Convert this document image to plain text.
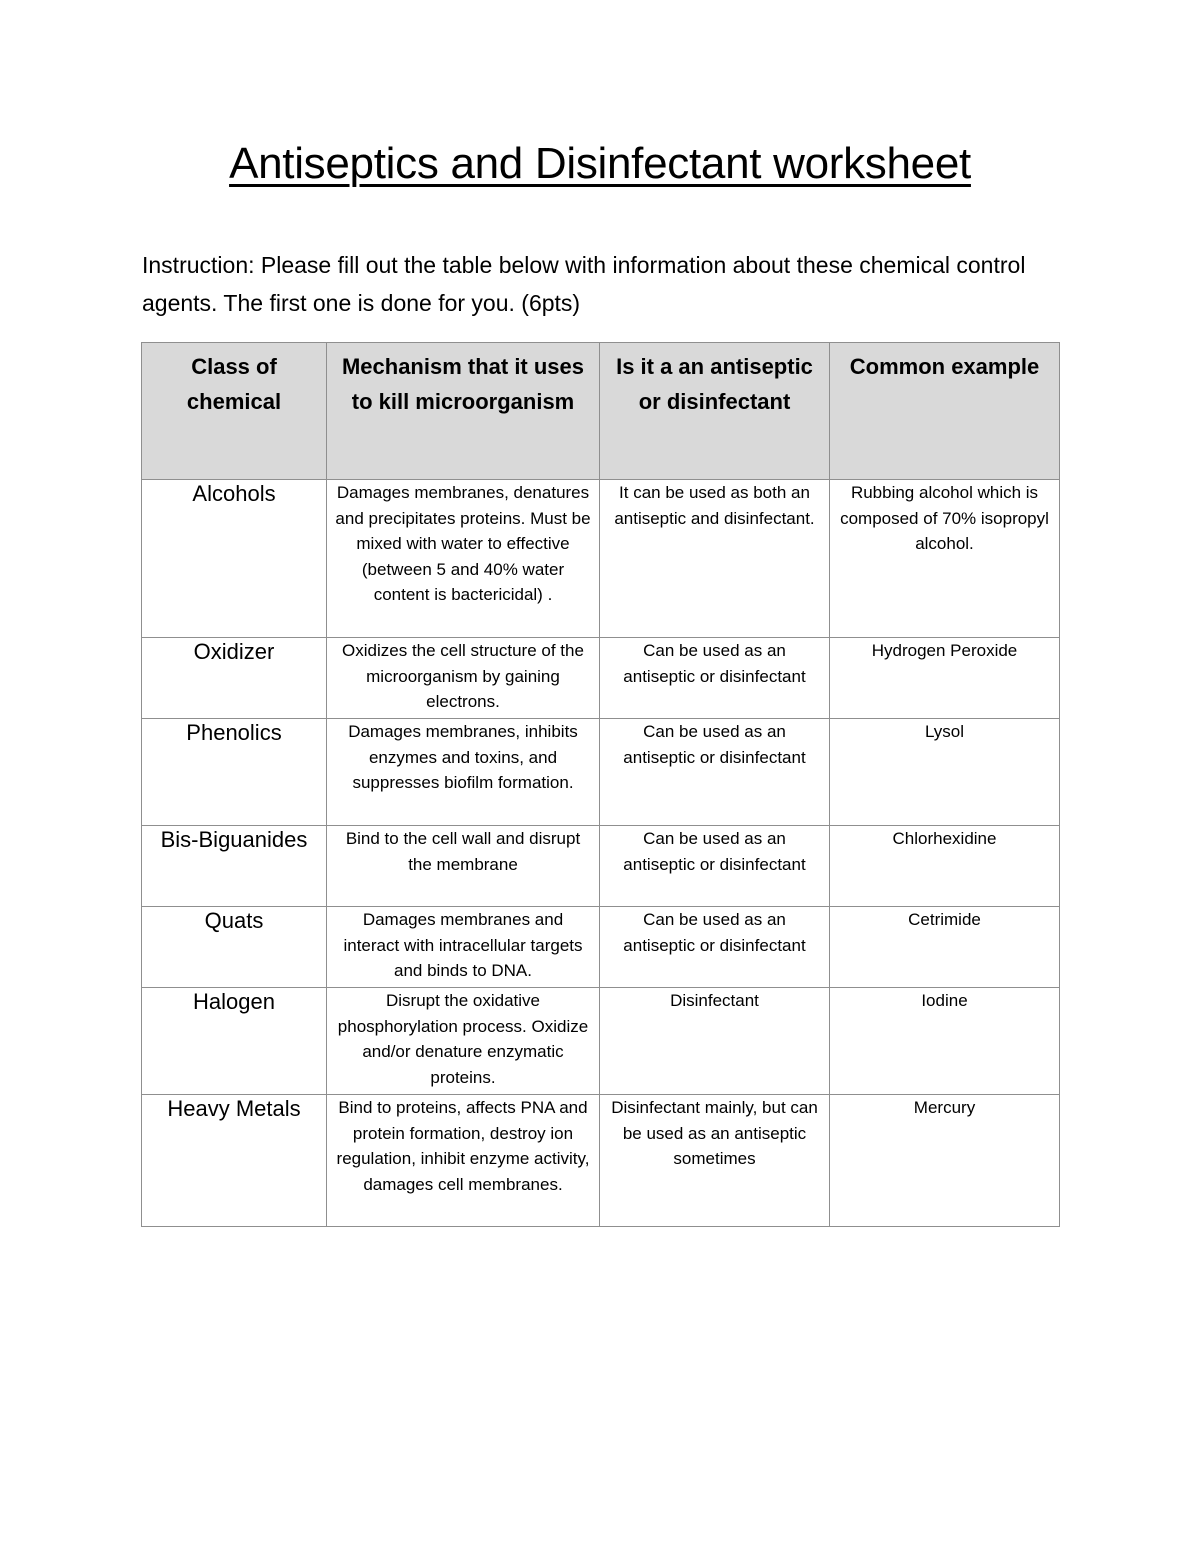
Antiseptics and Disinfectant worksheet
Instruction: Please fill out the table below with information about these chemical control agents. The first one is done for you. (6pts)
Class of chemical	Mechanism that it uses to kill microorganism	Is it a an antiseptic or disinfectant	Common example
Alcohols	Damages membranes, denatures and precipitates proteins. Must be mixed with water to effective (between 5 and 40% water content is bactericidal) .	It can be used as both an antiseptic and disinfectant.	Rubbing alcohol which is composed of 70% isopropyl alcohol.
Oxidizer	Oxidizes the cell structure of the microorganism by gaining electrons.	Can be used as an antiseptic or disinfectant	Hydrogen Peroxide
Phenolics	Damages membranes, inhibits enzymes and toxins, and suppresses biofilm formation.	Can be used as an antiseptic or disinfectant	Lysol
Bis-Biguanides	Bind to the cell wall and disrupt the membrane	Can be used as an antiseptic or disinfectant	Chlorhexidine
Quats	Damages membranes and interact with intracellular targets and binds to DNA.	Can be used as an antiseptic or disinfectant	Cetrimide
Halogen	Disrupt the oxidative phosphorylation process. Oxidize and/or denature enzymatic proteins.	Disinfectant	Iodine
Heavy Metals	Bind to proteins, affects PNA and protein formation, destroy ion regulation, inhibit enzyme activity, damages cell membranes.	Disinfectant mainly, but can be used as an antiseptic sometimes	Mercury
